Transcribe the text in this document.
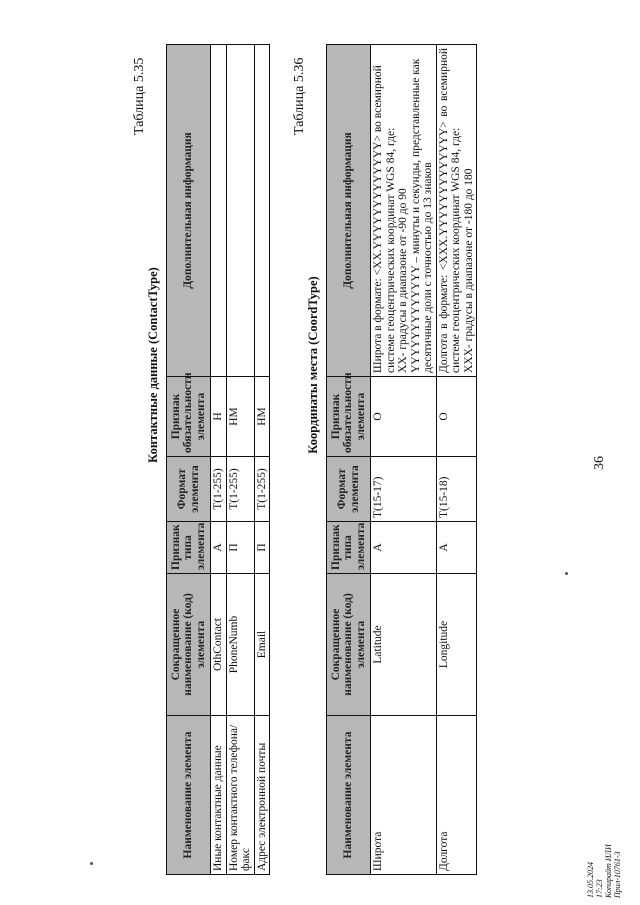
36
Таблица 5.35
Контактные данные (ContactType)
Наименование элемента	Сокращенное наименование (код) элемента	Признак типа элемента	Формат элемента	Признак обязательности элемента	Дополнительная информация
Иные контактные данные	OthContact	А	T(1-255)	Н	
Номер контактного телефона/факс	PhoneNumb	П	T(1-255)	НМ	
Адрес электронной почты	Email	П	T(1-255)	НМ	
Таблица 5.36
Координаты места (CoordType)
Наименование элемента	Сокращенное наименование (код) элемента	Признак типа элемента	Формат элемента	Признак обязательности элемента	Дополнительная информация
Широта	Latitude	А	T(15-17)	О	Широта в формате: <XX.YYYYYYYYYYYYY> во всемирной системе геоцентрических координат WGS 84, где: XX- градусы в диапазоне от -90 до 90 YYYYYYYYYYYYY – минуты и секунды, представленные как десятичные доли с точностью до 13 знаков

Долгота	Longitude	А	T(15-18)	О	Долгота в формате: <XXX.YYYYYYYYYYYYY> во всемирной системе геоцентрических координат WGS 84, где: XXX- градусы в диапазоне от -180 до 180
13.05.2024 17:23 Копирайт ИЛИ Прил-10761-3
